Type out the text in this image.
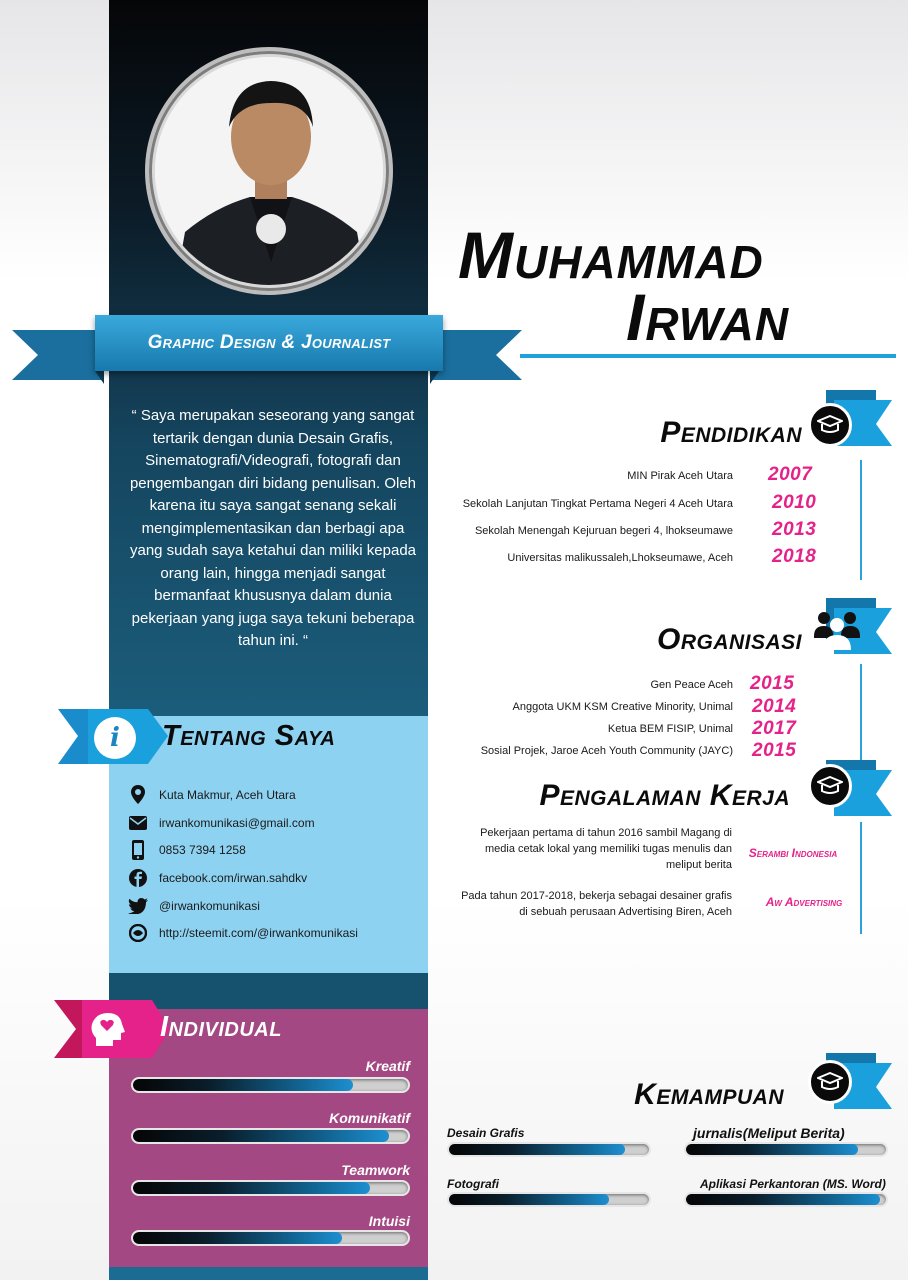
Graphic Design & Journalist
“ Saya merupakan seseorang yang sangat tertarik dengan dunia Desain Grafis, Sinematografi/Videografi, fotografi dan pengembangan diri bidang penulisan. Oleh karena itu saya sangat senang sekali mengimplementasikan dan berbagi apa yang sudah saya ketahui dan miliki kepada orang lain, hingga menjadi sangat bermanfaat khususnya dalam dunia pekerjaan yang juga saya tekuni beberapa tahun ini. “
i	Tentang Saya
Kuta Makmur, Aceh Utara
irwankomunikasi@gmail.com
0853 7394 1258
facebook.com/irwan.sahdkv
@irwankomunikasi
http://steemit.com/@irwankomunikasi
Individual
Kreatif
Komunikatif
Teamwork
Intuisi
Muhammad
Irwan
Pendidikan
MIN Pirak Aceh Utara 2007
Sekolah Lanjutan Tingkat Pertama Negeri 4 Aceh Utara 2010
Sekolah Menengah Kejuruan begeri 4, lhokseumawe 2013
Universitas malikussaleh,Lhokseumawe, Aceh 2018
Organisasi
Gen Peace Aceh 2015
Anggota UKM KSM Creative Minority, Unimal 2014
Ketua BEM FISIP, Unimal 2017
Sosial Projek, Jaroe Aceh Youth Community (JAYC) 2015
Pengalaman Kerja
Pekerjaan pertama di tahun 2016 sambil Magang di
media cetak lokal yang memiliki tugas menulis dan
meliput berita
Serambi Indonesia
Pada tahun 2017-2018, bekerja sebagai desainer grafis
di sebuah perusaan Advertising Biren, Aceh
Aw Advertising
Kemampuan
Desain Grafis	jurnalis(Meliput Berita)
Fotografi	Aplikasi Perkantoran (MS. Word)
